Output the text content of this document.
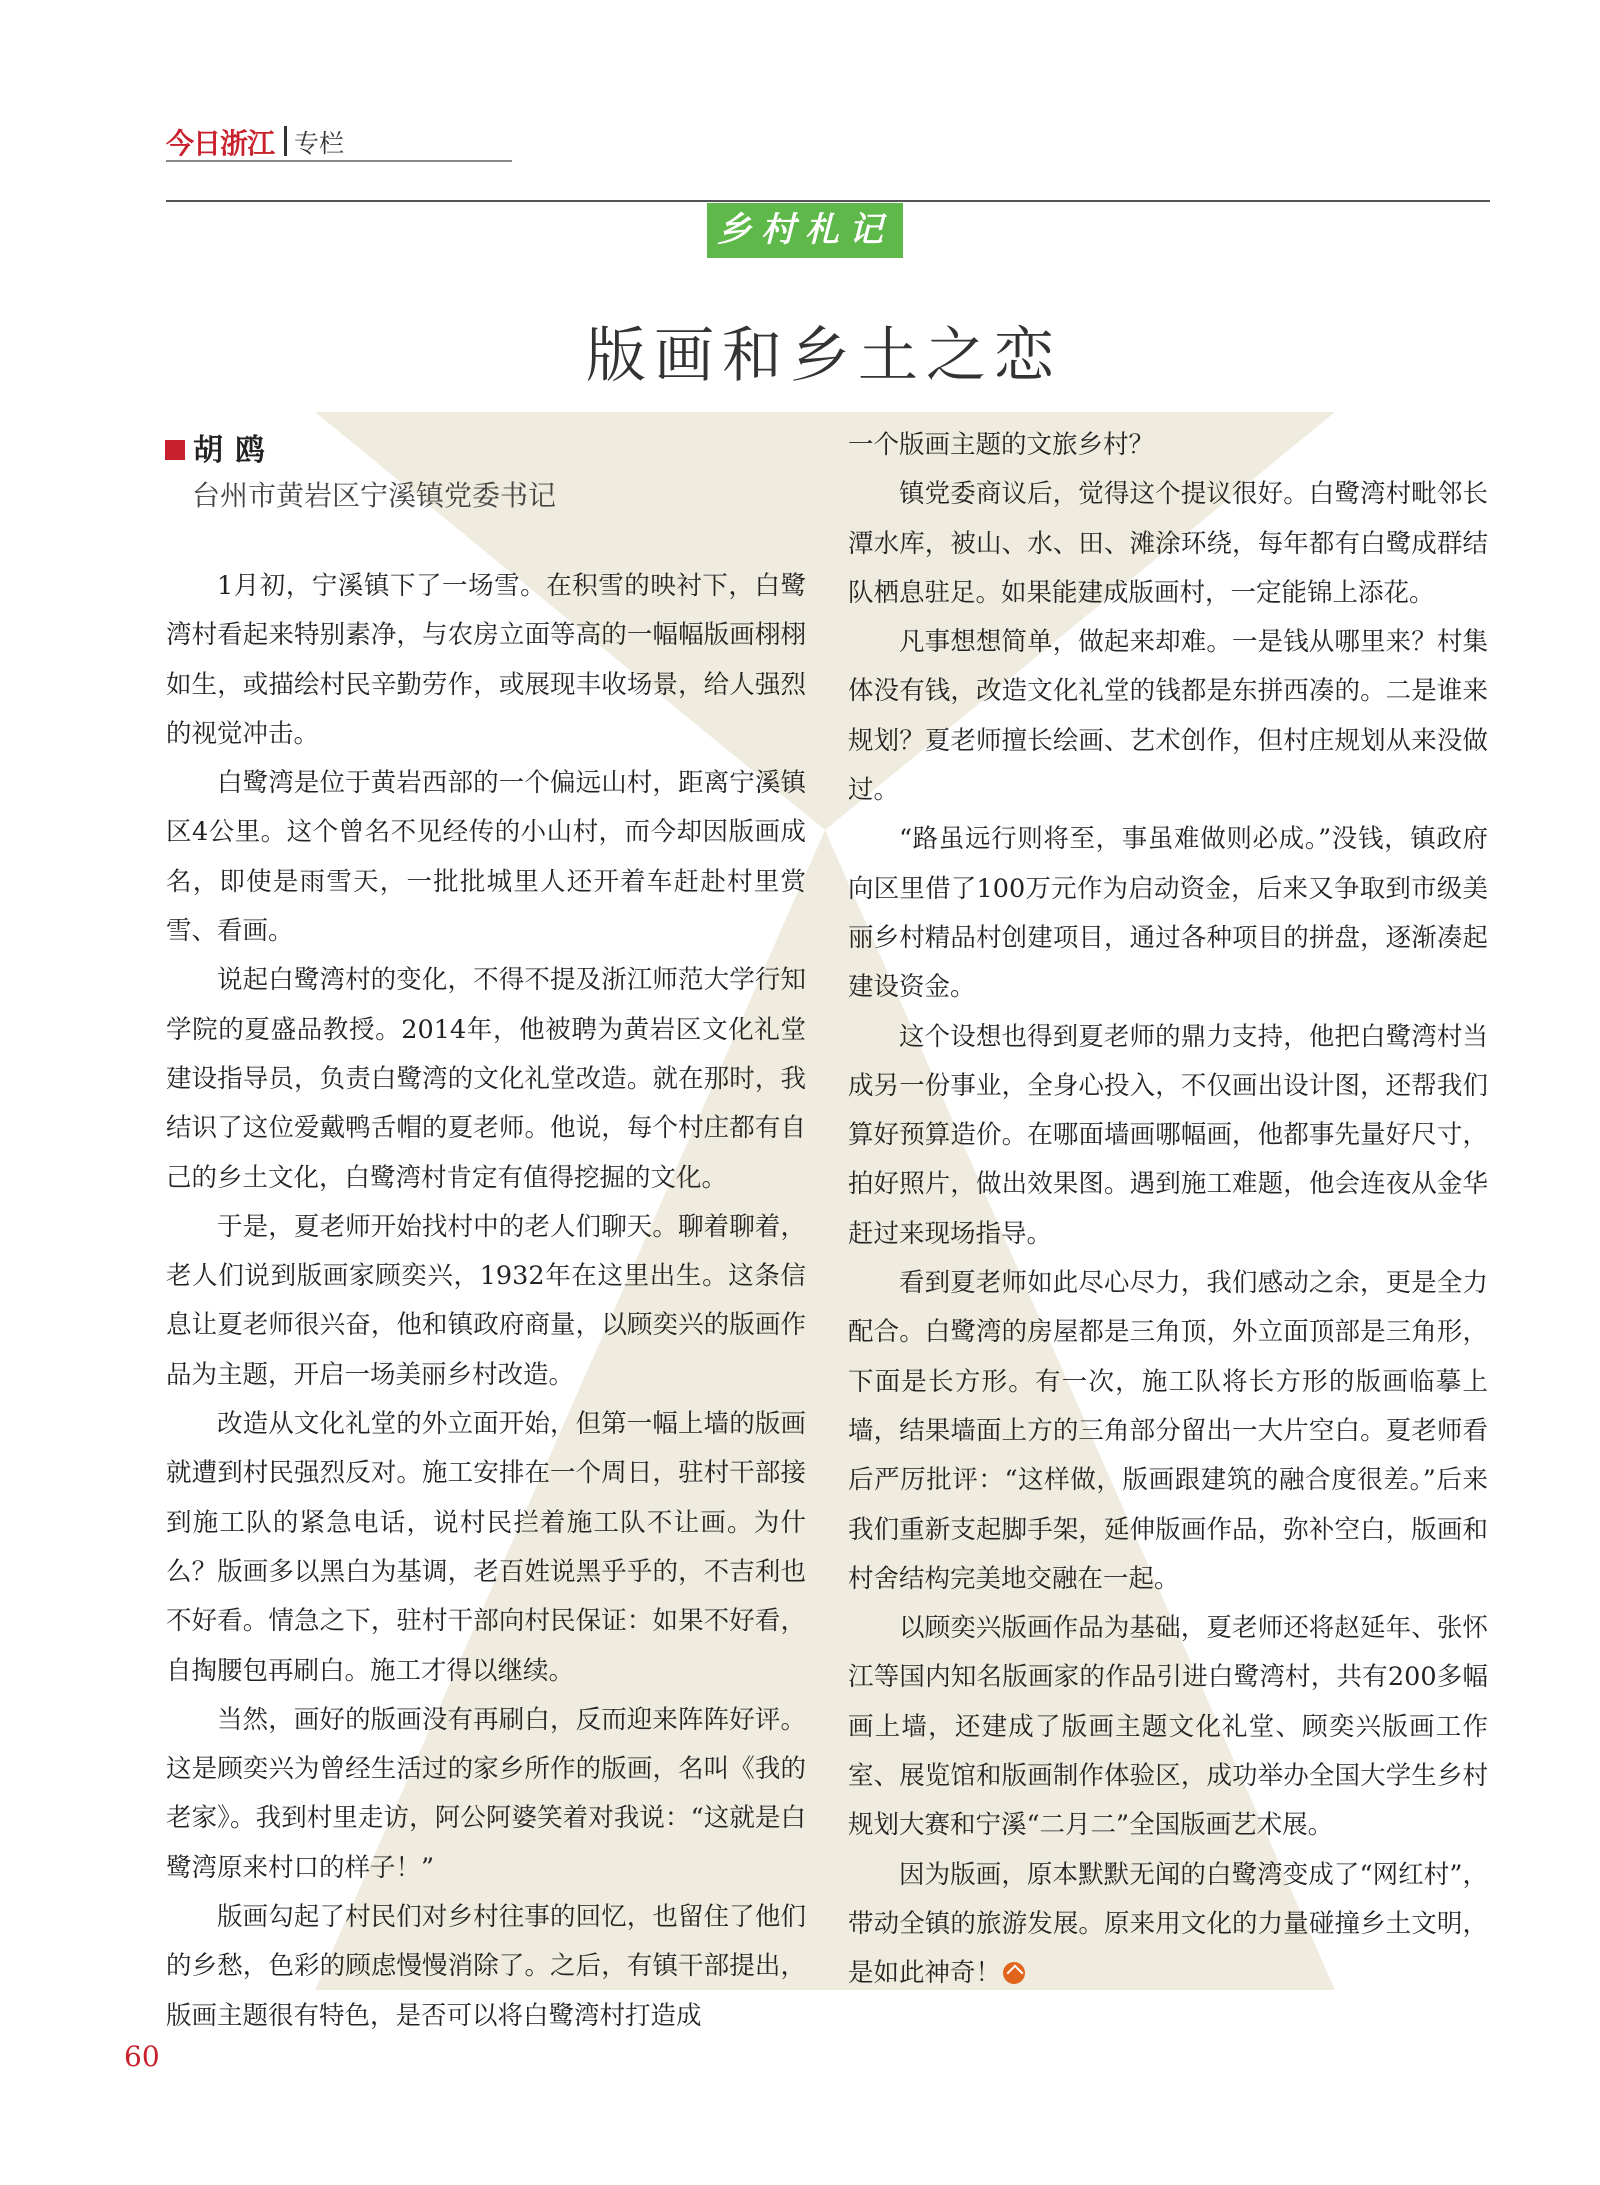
今日浙江 专栏
乡村札记
版画和乡土之恋
胡鸥
台州市黄岩区宁溪镇党委书记

1月初，宁溪镇下了一场雪。在积雪的映衬下，白鹭湾村看起来特别素净，与农房立面等高的一幅幅版画栩栩如生，或描绘村民辛勤劳作，或展现丰收场景，给人强烈的视觉冲击。

白鹭湾是位于黄岩西部的一个偏远山村，距离宁溪镇区4公里。这个曾名不见经传的小山村，而今却因版画成名，即使是雨雪天，一批批城里人还开着车赶赴村里赏雪、看画。

说起白鹭湾村的变化，不得不提及浙江师范大学行知学院的夏盛品教授。2014年，他被聘为黄岩区文化礼堂建设指导员，负责白鹭湾的文化礼堂改造。就在那时，我结识了这位爱戴鸭舌帽的夏老师。他说，每个村庄都有自己的乡土文化，白鹭湾村肯定有值得挖掘的文化。

于是，夏老师开始找村中的老人们聊天。聊着聊着，老人们说到版画家顾奕兴，1932年在这里出生。这条信息让夏老师很兴奋，他和镇政府商量，以顾奕兴的版画作品为主题，开启一场美丽乡村改造。

改造从文化礼堂的外立面开始，但第一幅上墙的版画就遭到村民强烈反对。施工安排在一个周日，驻村干部接到施工队的紧急电话，说村民拦着施工队不让画。为什么？版画多以黑白为基调，老百姓说黑乎乎的，不吉利也不好看。情急之下，驻村干部向村民保证：如果不好看，自掏腰包再刷白。施工才得以继续。

当然，画好的版画没有再刷白，反而迎来阵阵好评。这是顾奕兴为曾经生活过的家乡所作的版画，名叫《我的老家》。我到村里走访，阿公阿婆笑着对我说：“这就是白鹭湾原来村口的样子！”

版画勾起了村民们对乡村往事的回忆，也留住了他们的乡愁，色彩的顾虑慢慢消除了。之后，有镇干部提出，版画主题很有特色，是否可以将白鹭湾村打造成

一个版画主题的文旅乡村？

镇党委商议后，觉得这个提议很好。白鹭湾村毗邻长潭水库，被山、水、田、滩涂环绕，每年都有白鹭成群结队栖息驻足。如果能建成版画村，一定能锦上添花。

凡事想想简单，做起来却难。一是钱从哪里来？村集体没有钱，改造文化礼堂的钱都是东拼西凑的。二是谁来规划？夏老师擅长绘画、艺术创作，但村庄规划从来没做过。

“路虽远行则将至，事虽难做则必成。”没钱，镇政府向区里借了100万元作为启动资金，后来又争取到市级美丽乡村精品村创建项目，通过各种项目的拼盘，逐渐凑起建设资金。

这个设想也得到夏老师的鼎力支持，他把白鹭湾村当成另一份事业，全身心投入，不仅画出设计图，还帮我们算好预算造价。在哪面墙画哪幅画，他都事先量好尺寸，拍好照片，做出效果图。遇到施工难题，他会连夜从金华赶过来现场指导。

看到夏老师如此尽心尽力，我们感动之余，更是全力配合。白鹭湾的房屋都是三角顶，外立面顶部是三角形，下面是长方形。有一次，施工队将长方形的版画临摹上墙，结果墙面上方的三角部分留出一大片空白。夏老师看后严厉批评：“这样做，版画跟建筑的融合度很差。”后来我们重新支起脚手架，延伸版画作品，弥补空白，版画和村舍结构完美地交融在一起。

以顾奕兴版画作品为基础，夏老师还将赵延年、张怀江等国内知名版画家的作品引进白鹭湾村，共有200多幅画上墙，还建成了版画主题文化礼堂、顾奕兴版画工作室、展览馆和版画制作体验区，成功举办全国大学生乡村规划大赛和宁溪“二月二”全国版画艺术展。

因为版画，原本默默无闻的白鹭湾变成了“网红村”，带动全镇的旅游发展。原来用文化的力量碰撞乡土文明，是如此神奇！

60
